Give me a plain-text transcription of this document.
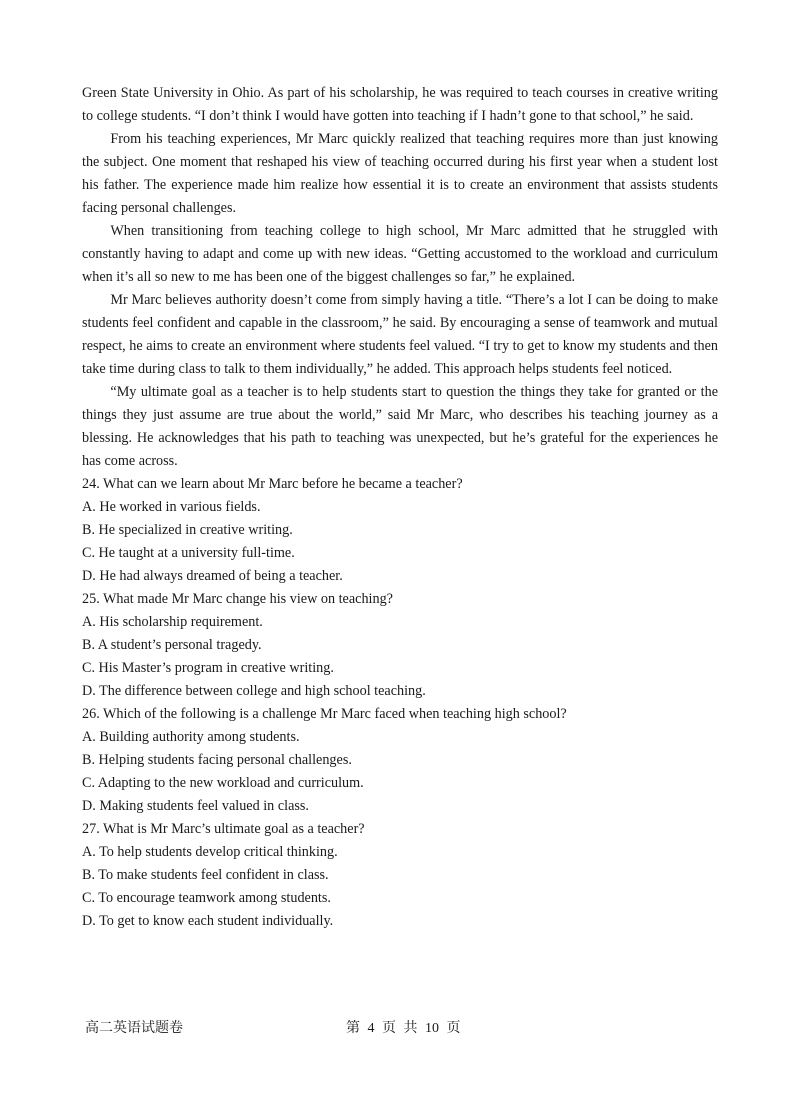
Green State University in Ohio. As part of his scholarship, he was required to teach courses in creative writing to college students. “I don’t think I would have gotten into teaching if I hadn’t gone to that school,” he said.

From his teaching experiences, Mr Marc quickly realized that teaching requires more than just knowing the subject. One moment that reshaped his view of teaching occurred during his first year when a student lost his father. The experience made him realize how essential it is to create an environment that assists students facing personal challenges.

When transitioning from teaching college to high school, Mr Marc admitted that he struggled with constantly having to adapt and come up with new ideas. “Getting accustomed to the workload and curriculum when it’s all so new to me has been one of the biggest challenges so far,” he explained.

Mr Marc believes authority doesn’t come from simply having a title. “There’s a lot I can be doing to make students feel confident and capable in the classroom,” he said. By encouraging a sense of teamwork and mutual respect, he aims to create an environment where students feel valued. “I try to get to know my students and then take time during class to talk to them individually,” he added. This approach helps students feel noticed.

“My ultimate goal as a teacher is to help students start to question the things they take for granted or the things they just assume are true about the world,” said Mr Marc, who describes his teaching journey as a blessing. He acknowledges that his path to teaching was unexpected, but he’s grateful for the experiences he has come across.

24. What can we learn about Mr Marc before he became a teacher?

A. He worked in various fields.

B. He specialized in creative writing.

C. He taught at a university full-time.

D. He had always dreamed of being a teacher.

25. What made Mr Marc change his view on teaching?

A. His scholarship requirement.

B. A student’s personal tragedy.

C. His Master’s program in creative writing.

D. The difference between college and high school teaching.

26. Which of the following is a challenge Mr Marc faced when teaching high school?

A. Building authority among students.

B. Helping students facing personal challenges.

C. Adapting to the new workload and curriculum.

D. Making students feel valued in class.

27. What is Mr Marc’s ultimate goal as a teacher?

A. To help students develop critical thinking.

B. To make students feel confident in class.

C. To encourage teamwork among students.

D. To get to know each student individually.

高二英语试题卷	第 4 页 共 10 页
